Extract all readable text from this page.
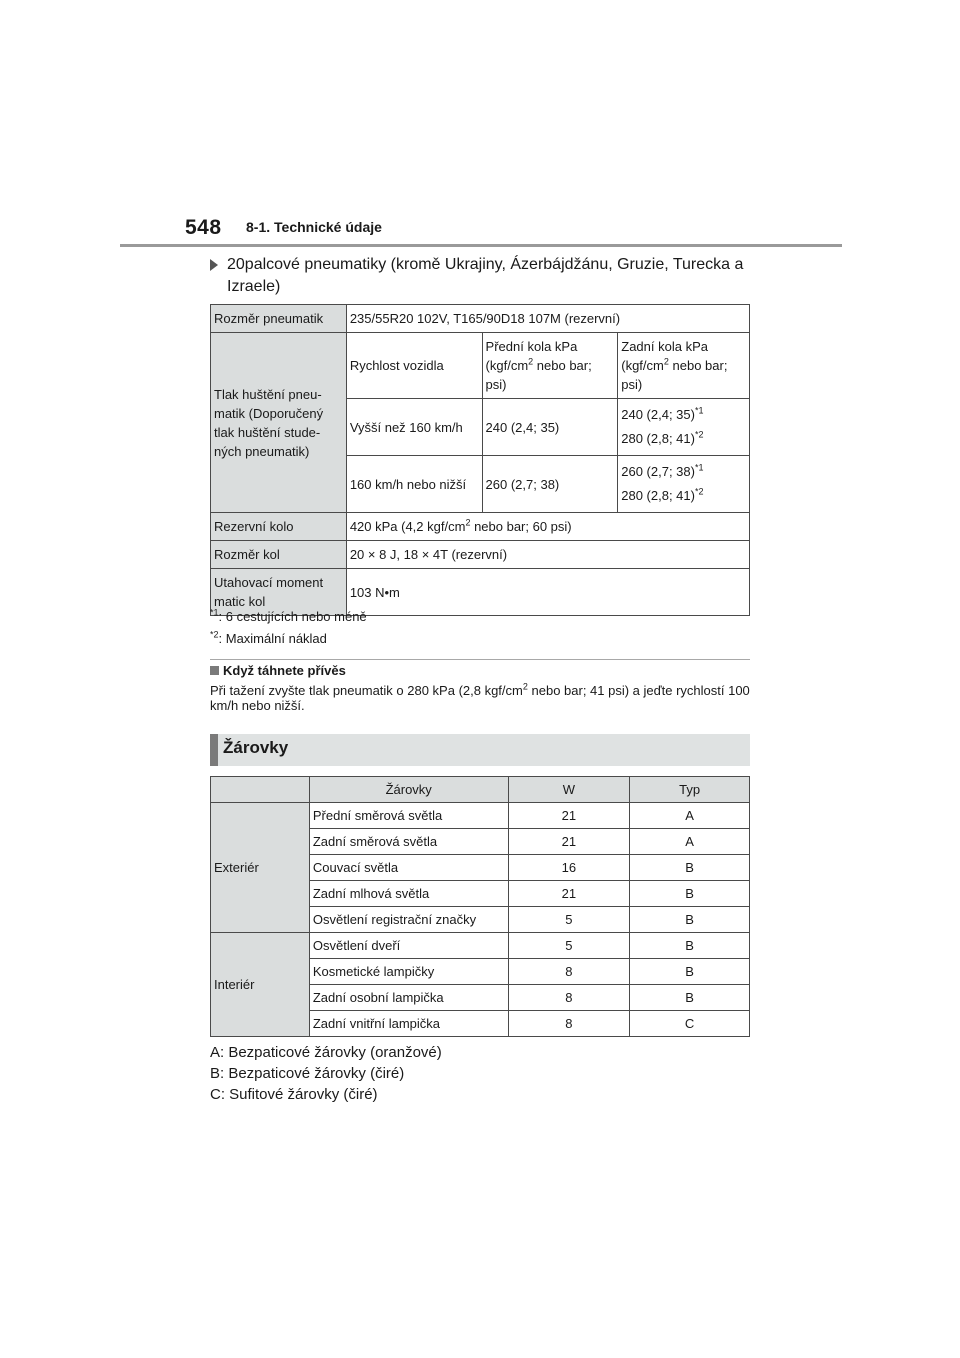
548 8-1. Technické údaje
20palcové pneumatiky (kromě Ukrajiny, Ázerbájdžánu, Gruzie, Turecka a Izraele)
Rozměr pneumatik	235/55R20 102V, T165/90D18 107M (rezervní)		
Tlak huštění pneu-matik (Doporučený tlak huštění stude-ných pneumatik)	Rychlost vozidla	Přední kola kPa ($kgf/cm^2$ nebo bar; psi)	Zadní kola kPa ($kgf/cm^2$ nebo bar; psi)
	Vyšší než 160 km/h	240 (2,4; 35)	240 (2,4; 35)$^{*1}$
280 (2,8; 41)$^{*2}$
	160 km/h nebo nižší	260 (2,7; 38)	260 (2,7; 38)$^{*1}$
280 (2,8; 41)$^{*2}$
Rezervní kolo	420 kPa (4,2 kgf/$cm^2$ nebo bar; 60 psi)		
Rozměr kol	20 × 8 J, 18 × 4T (rezervní)		
Utahovací moment matic kol	103 N•m		
$^{*1}$: 6 cestujících nebo méně
$^{*2}$: Maximální náklad
Když táhnete přívěs
Při tažení zvyšte tlak pneumatik o 280 kPa (2,8 kgf/$cm^2$ nebo bar; 41 psi) a jeďte rychlostí 100 km/h nebo nižší.
Žárovky
	Žárovky	W	Typ
Exteriér	Přední směrová světla	21	A
	Zadní směrová světla	21	A
	Couvací světla	16	B
	Zadní mlhová světla	21	B
	Osvětlení registrační značky	5	B
Interiér	Osvětlení dveří	5	B
	Kosmetické lampičky	8	B
	Zadní osobní lampička	8	B
	Zadní vnitřní lampička	8	C
A: Bezpaticové žárovky (oranžové)
B: Bezpaticové žárovky (čiré)
C: Sufitové žárovky (čiré)
